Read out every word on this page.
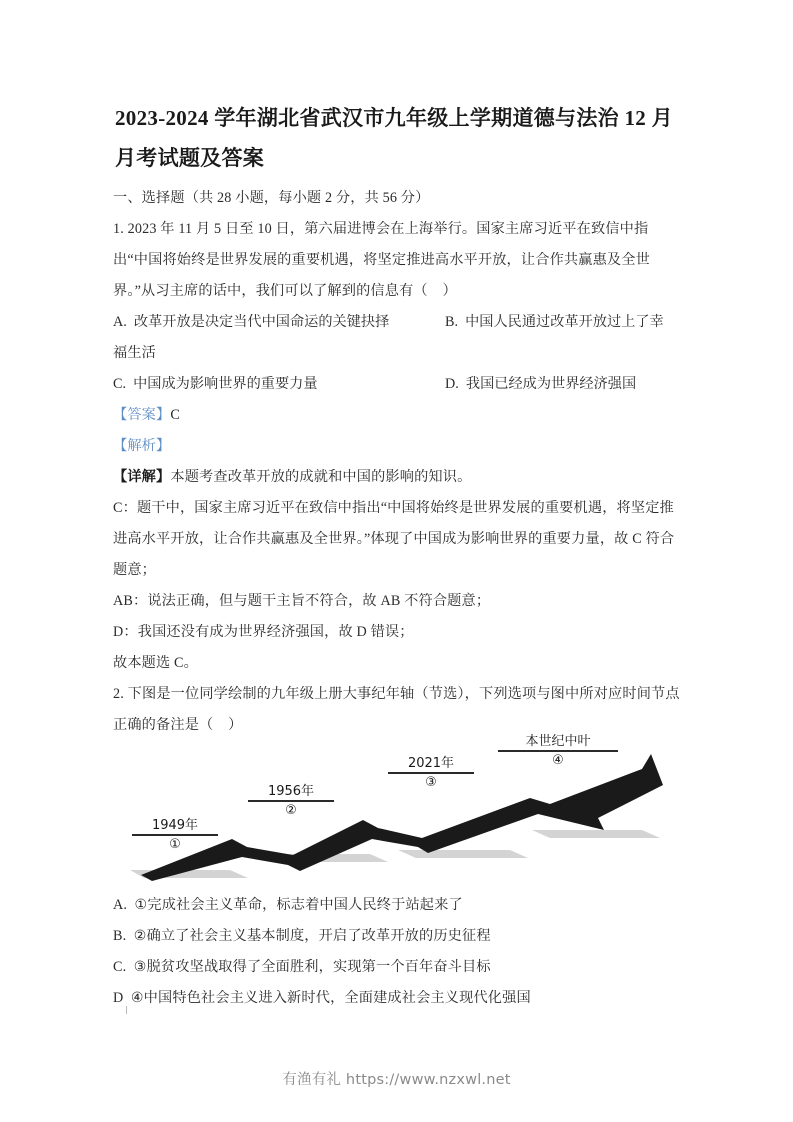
2023-2024 学年湖北省武汉市九年级上学期道德与法治 12 月月考试题及答案
一、选择题（共 28 小题，每小题 2 分，共 56 分）
1. 2023 年 11 月 5 日至 10 日，第六届进博会在上海举行。国家主席习近平在致信中指出“中国将始终是世界发展的重要机遇，将坚定推进高水平开放，让合作共赢惠及全世界。”从习主席的话中，我们可以了解到的信息有（    ）
A. 改革开放是决定当代中国命运的关键抉择	B.  中国人民通过改革开放过上了幸
福生活
C. 中国成为影响世界的重要力量	D. 我国已经成为世界经济强国
【答案】C
【解析】
【详解】本题考查改革开放的成就和中国的影响的知识。
C：题干中，国家主席习近平在致信中指出“中国将始终是世界发展的重要机遇，将坚定推进高水平开放，让合作共赢惠及全世界。”体现了中国成为影响世界的重要力量，故 C 符合题意；
AB：说法正确，但与题干主旨不符合，故 AB 不符合题意；
D：我国还没有成为世界经济强国，故 D 错误；
故本题选 C。
2. 下图是一位同学绘制的九年级上册大事纪年轴（节选），下列选项与图中所对应时间节点正确的备注是（    ）
1949年
①
1956年
②
2021年
③
本世纪中叶
④
A. ①完成社会主义革命，标志着中国人民终于站起来了
B. ②确立了社会主义基本制度，开启了改革开放的历史征程
C. ③脱贫攻坚战取得了全面胜利，实现第一个百年奋斗目标
D ④中国特色社会主义进入新时代，全面建成社会主义现代化强国
有渔有礼 https://www.nzxwl.net
